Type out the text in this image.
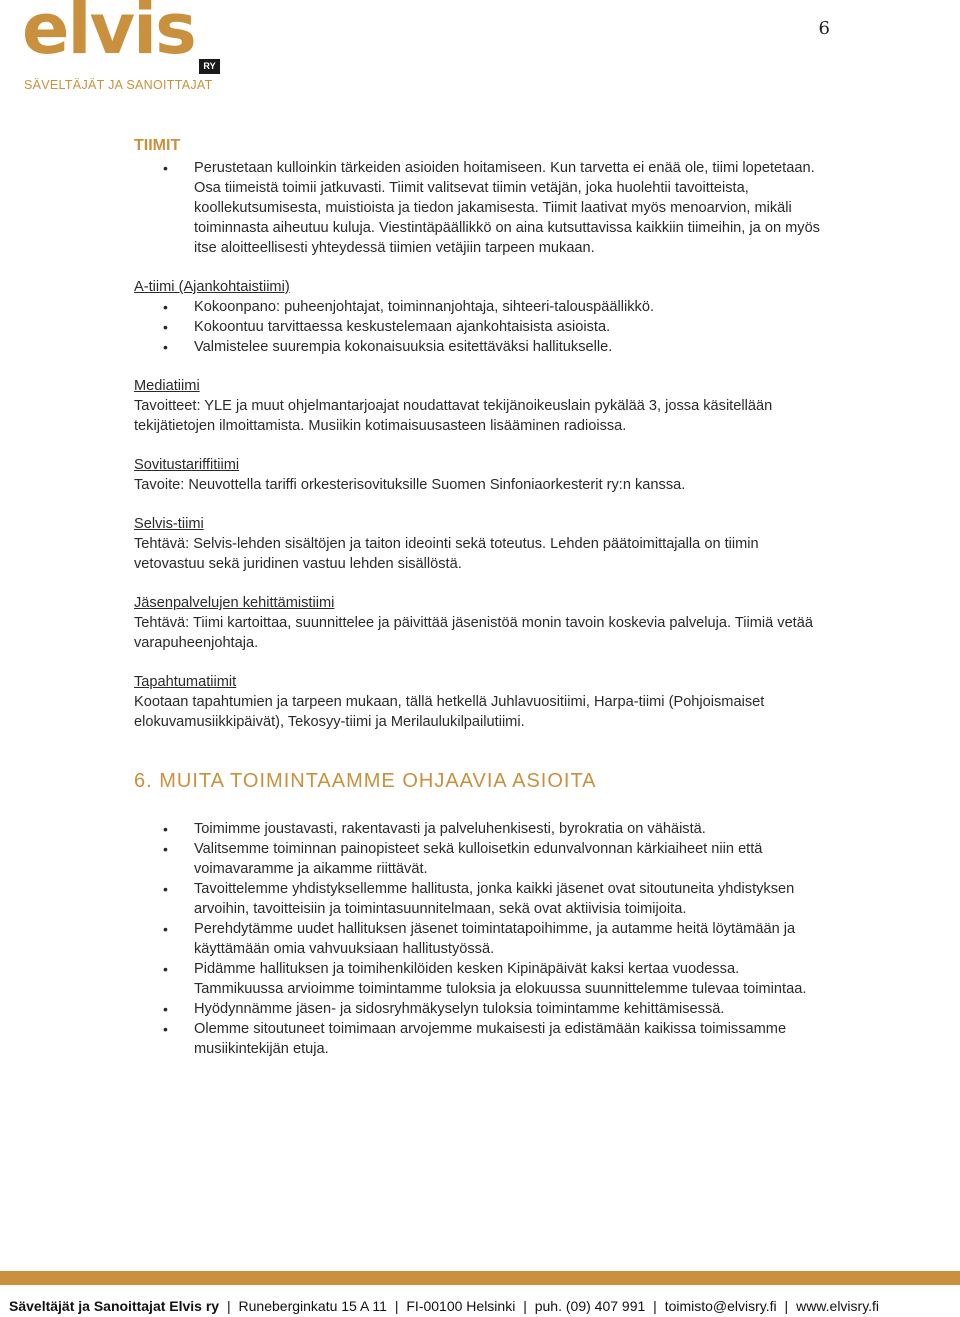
elvis RY
SÄVELTÄJÄT JA SANOITTAJAT
6
TIIMIT
• Perustetaan kulloinkin tärkeiden asioiden hoitamiseen. Kun tarvetta ei enää ole, tiimi lopetetaan. Osa tiimeistä toimii jatkuvasti. Tiimit valitsevat tiimin vetäjän, joka huolehtii tavoitteista, koollekutsumisesta, muistioista ja tiedon jakamisesta. Tiimit laativat myös menoarvion, mikäli toiminnasta aiheutuu kuluja. Viestintäpäällikkö on aina kutsuttavissa kaikkiin tiimeihin, ja on myös itse aloitteellisesti yhteydessä tiimien vetäjiin tarpeen mukaan.

A-tiimi (Ajankohtaistiimi)

• Kokoonpano: puheenjohtajat, toiminnanjohtaja, sihteeri-talouspäällikkö.
• Kokoontuu tarvittaessa keskustelemaan ajankohtaisista asioista.
• Valmistelee suurempia kokonaisuuksia esitettäväksi hallitukselle.

Mediatiimi

Tavoitteet: YLE ja muut ohjelmantarjoajat noudattavat tekijänoikeuslain pykälää 3, jossa käsitellään tekijätietojen ilmoittamista. Musiikin kotimaisuusasteen lisääminen radioissa.

Sovitustariffitiimi

Tavoite: Neuvottella tariffi orkesterisovituksille Suomen Sinfoniaorkesterit ry:n kanssa.

Selvis-tiimi

Tehtävä: Selvis-lehden sisältöjen ja taiton ideointi sekä toteutus. Lehden päätoimittajalla on tiimin vetovastuu sekä juridinen vastuu lehden sisällöstä.

Jäsenpalvelujen kehittämistiimi

Tehtävä: Tiimi kartoittaa, suunnittelee ja päivittää jäsenistöä monin tavoin koskevia palveluja. Tiimiä vetää varapuheenjohtaja.

Tapahtumatiimit

Kootaan tapahtumien ja tarpeen mukaan, tällä hetkellä Juhlavuositiimi, Harpa-tiimi (Pohjoismaiset elokuvamusiikkipäivät), Tekosyy-tiimi ja Merilaulukilpailutiimi.

6. MUITA TOIMINTAAMME OHJAAVIA ASIOITA
• Toimimme joustavasti, rakentavasti ja palveluhenkisesti, byrokratia on vähäistä.
• Valitsemme toiminnan painopisteet sekä kulloisetkin edunvalvonnan kärkiaiheet niin että voimavaramme ja aikamme riittävät.
• Tavoittelemme yhdistyksellemme hallitusta, jonka kaikki jäsenet ovat sitoutuneita yhdistyksen arvoihin, tavoitteisiin ja toimintasuunnitelmaan, sekä ovat aktiivisia toimijoita.
• Perehdytämme uudet hallituksen jäsenet toimintatapoihimme, ja autamme heitä löytämään ja käyttämään omia vahvuuksiaan hallitustyössä.
• Pidämme hallituksen ja toimihenkilöiden kesken Kipinäpäivät kaksi kertaa vuodessa. Tammikuussa arvioimme toimintamme tuloksia ja elokuussa suunnittelemme tulevaa toimintaa.
• Hyödynnämme jäsen- ja sidosryhmäkyselyn tuloksia toimintamme kehittämisessä.
• Olemme sitoutuneet toimimaan arvojemme mukaisesti ja edistämään kaikissa toimissamme musiikintekijän etuja.
Säveltäjät ja Sanoittajat Elvis ry | Runeberginkatu 15 A 11 | FI-00100 Helsinki | puh. (09) 407 991 | toimisto@elvisry.fi | www.elvisry.fi
